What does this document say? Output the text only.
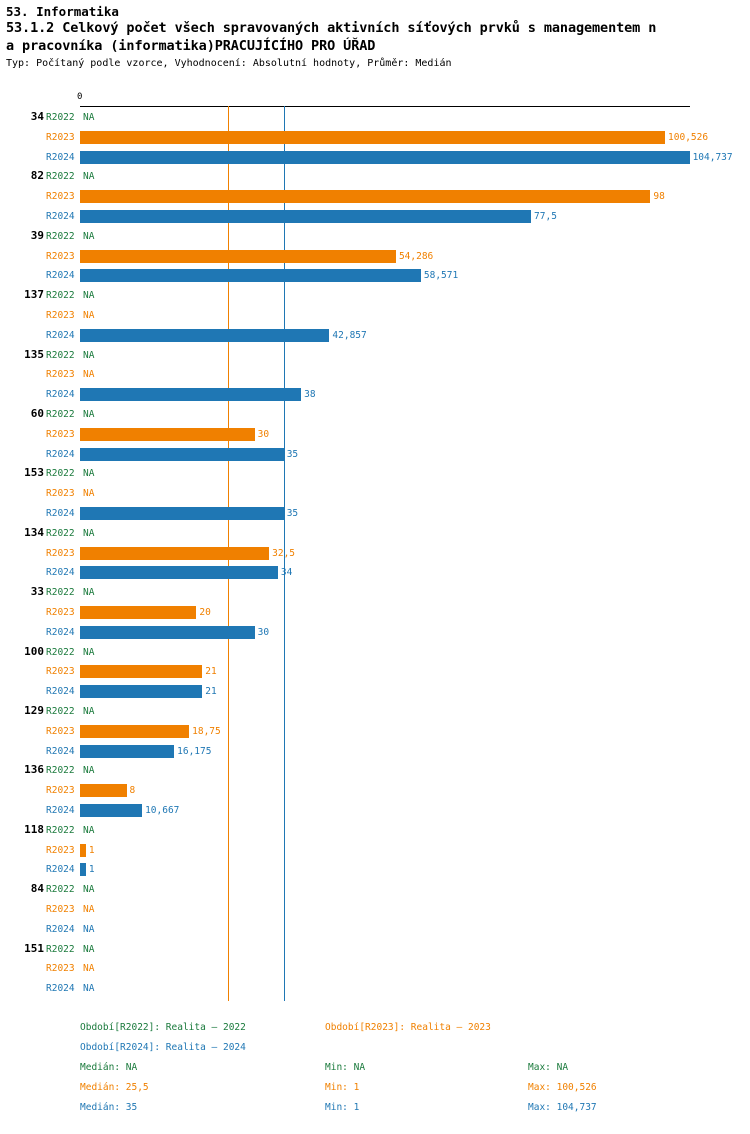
53. Informatika
53.1.2 Celkový počet všech spravovaných aktivních síťových prvků s managementem n
a pracovníka (informatika)PRACUJÍCÍHO PRO ÚŘAD
Typ: Počítaný podle vzorce, Vyhodnocení: Absolutní hodnoty, Průměr: Medián
0
34 R2022 NA
R2023	100,526
R2024	104,737
82 R2022 NA
R2023	98
R2024	77,5
39 R2022 NA
R2023	54,286
R2024	58,571
137 R2022 NA
R2023 NA
R2024	42,857
135 R2022 NA
R2023 NA
R2024	38
60 R2022 NA
R2023	30
R2024	35
153 R2022 NA
R2023 NA
R2024	35
134 R2022 NA
R2023	32,5
R2024	34
33 R2022 NA
R2023	20
R2024	30
100 R2022 NA
R2023	21
R2024	21
129 R2022 NA
R2023	18,75
R2024	16,175
136 R2022 NA
R2023	8
R2024	10,667
118 R2022 NA
R2023 1
R2024 1
84 R2022 NA
R2023 NA
R2024 NA
151 R2022 NA
R2023 NA
R2024 NA
Období[R2022]: Realita – 2022	Období[R2023]: Realita – 2023
Období[R2024]: Realita – 2024
Medián: NA	Min: NA	Max: NA
Medián: 25,5	Min: 1	Max: 100,526
Medián: 35	Min: 1	Max: 104,737
